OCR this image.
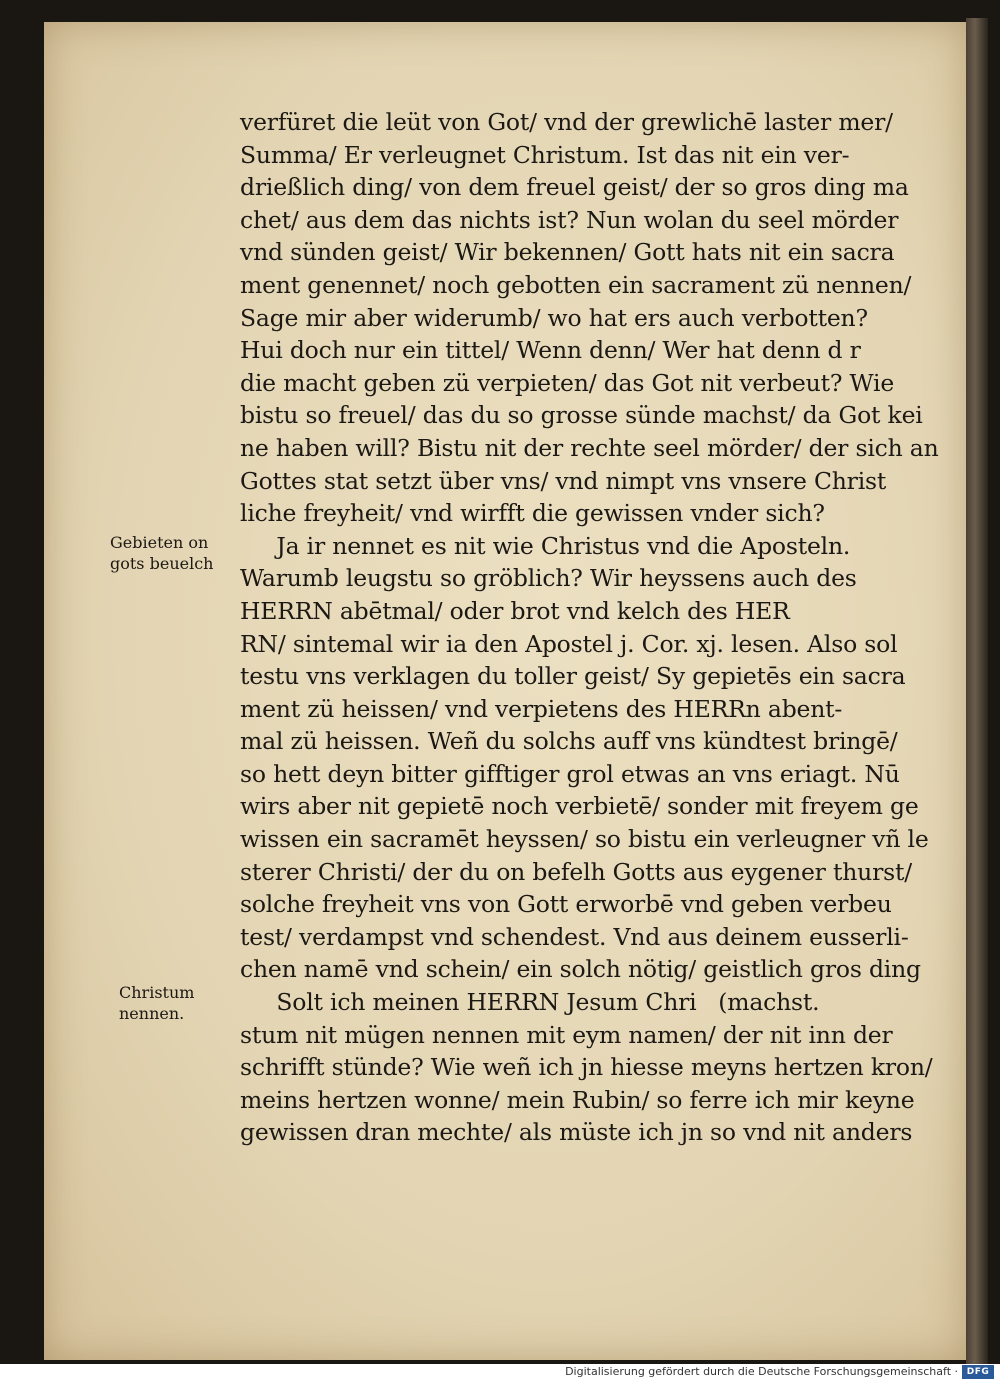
verfüret die leüt von Got/ vnd der grewlichē laster mer/
Summa/ Er verleugnet Christum. Ist das nit ein ver-
drießlich ding/ von dem freuel geist/ der so gros ding ma
chet/ aus dem das nichts ist? Nun wolan du seel mörder
vnd sünden geist/ Wir bekennen/ Gott hats nit ein sacra
ment genennet/ noch gebotten ein sacrament zü nennen/
Sage mir aber widerumb/ wo hat ers auch verbotten?
Hui doch nur ein tittel/ Wenn denn/ Wer hat denn d r
die macht geben zü verpieten/ das Got nit verbeut? Wie
bistu so freuel/ das du so grosse sünde machst/ da Got kei
ne haben will? Bistu nit der rechte seel mörder/ der sich an
Gottes stat setzt über vns/ vnd nimpt vns vnsere Christ
liche freyheit/ vnd wirfft die gewissen vnder sich?
Ja ir nennet es nit wie Christus vnd die Aposteln.
Warumb leugstu so gröblich? Wir heyssens auch des
HERRN abētmal/ oder brot vnd kelch des HER
RN/ sintemal wir ia den Apostel j. Cor. xj. lesen. Also sol
testu vns verklagen du toller geist/ Sy gepietēs ein sacra
ment zü heissen/ vnd verpietens des HERRn abent-
mal zü heissen. Weñ du solchs auff vns kündtest bringē/
so hett deyn bitter gifftiger grol etwas an vns eriagt. Nū
wirs aber nit gepietē noch verbietē/ sonder mit freyem ge
wissen ein sacramēt heyssen/ so bistu ein verleugner vñ le
sterer Christi/ der du on befelh Gotts aus eygener thurst/
solche freyheit vns von Gott erworbē vnd geben verbeu
test/ verdampst vnd schendest. Vnd aus deinem eusserli-
chen namē vnd schein/ ein solch nötig/ geistlich gros ding
Solt ich meinen HERRN Jesum Chri   (machst.
stum nit mügen nennen mit eym namen/ der nit inn der
schrifft stünde? Wie weñ ich jn hiesse meyns hertzen kron/
meins hertzen wonne/ mein Rubin/ so ferre ich mir keyne
gewissen dran mechte/ als müste ich jn so vnd nit anders
Gebieten on
gots beuelch
Christum
nennen.
Digitalisierung gefördert durch die Deutsche Forschungsgemeinschaft · DFG
